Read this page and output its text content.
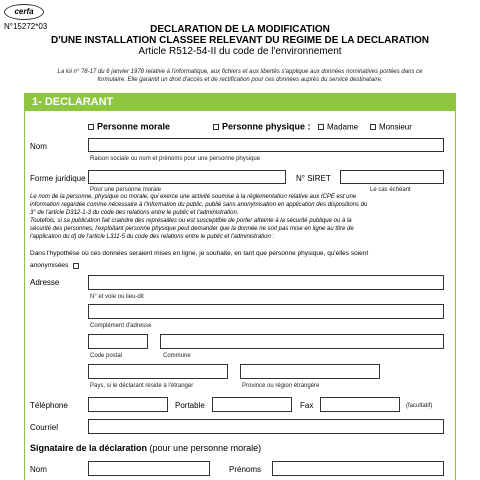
cerfa
N°15272*03	DECLARATION DE LA MODIFICATION
D'UNE INSTALLATION CLASSEE RELEVANT DU REGIME DE LA DECLARATION
Article R512-54-II du code de l'environnement
La loi n° 78-17 du 6 janvier 1978 relative à l'informatique, aux fichiers et aux libertés s'applique aux données nominatives portées dans ce
formulaire. Elle garantit un droit d'accès et de rectification pour ces données auprès du service destinataire.
1- DECLARANT
Personne morale	Personne physique :	Madame	Monsieur
Nom
Raison sociale ou nom et prénoms pour une personne physique
Forme juridique
Pour une personne morale
N° SIRET
Le cas échéant
Le nom de la personne, physique ou morale, qui exerce une activité soumise à la réglementation relative aux ICPE est une
information regardée comme nécessaire à l'information du public, publié sans anonymisation en application des dispositions du
3° de l'article D312-1-3 du code des relations entre le public et l'administration.
Toutefois, si sa publication fait craindre des représailles ou est susceptible de porter atteinte à la sécurité publique ou à la
sécurité des personnes, l'exploitant personne physique peut demander que la donnée ne soit pas mise en ligne au titre de
l'application du d) de l'article L311-5 du code des relations entre le public et l'administration :
Dans l'hypothèse où ces données seraient mises en ligne, je souhaite, en tant que personne physique, qu'elles soient
anonymisées
Adresse
N° et voie ou lieu-dit
Complément d'adresse
Code postal	Commune
Pays, si le déclarant réside à l'étranger	Province ou région étrangère
Téléphone	Portable	Fax	(facultatif)
Courriel
Signataire de la déclaration (pour une personne morale)
Nom	Prénoms
